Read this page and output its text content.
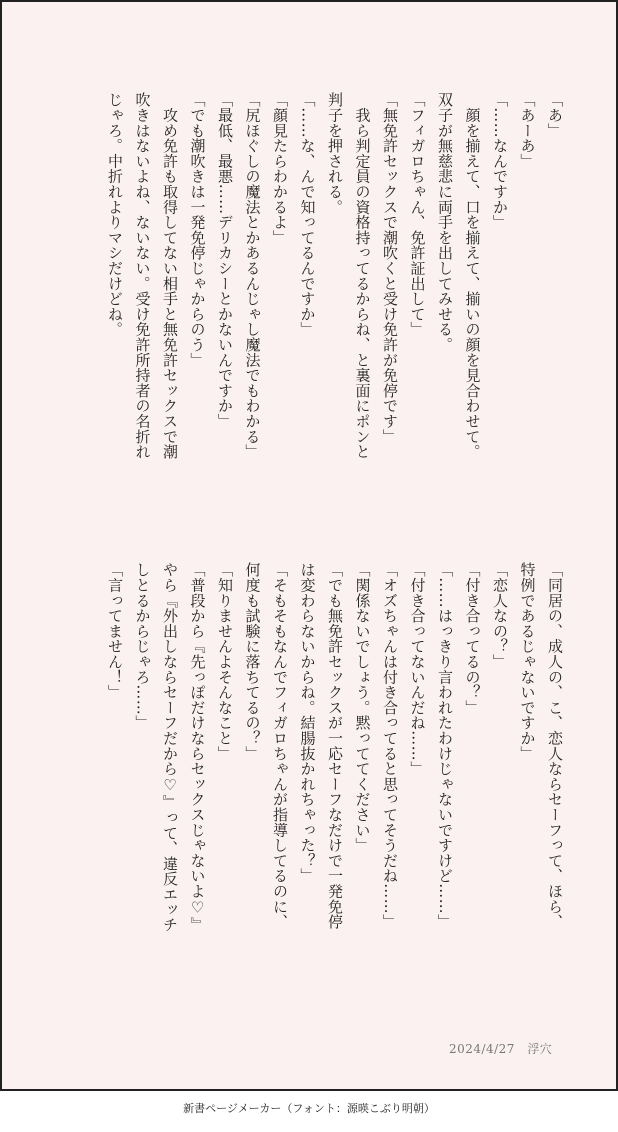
「あ」

「あーあ」

「……なんですか」

　顔を揃えて、口を揃えて、揃いの顔を見合わせて。

双子が無慈悲に両手を出してみせる。

「フィガロちゃん、免許証出して」

「無免許セックスで潮吹くと受け免許が免停です」

　我ら判定員の資格持ってるからね、と裏面にポンと

判子を押される。

「……な、んで知ってるんですか」

「顔見たらわかるよ」

「尻ほぐしの魔法とかあるんじゃし魔法でもわかる」

「最低、最悪……デリカシーとかないんですか」

「でも潮吹きは一発免停じゃからのう」

　攻め免許も取得してない相手と無免許セックスで潮

吹きはないよね、ないない。受け免許所持者の名折れ

じゃろ。中折れよりマシだけどね。

「同居の、成人の、こ、恋人ならセーフって、ほら、

特例であるじゃないですか」

「恋人なの？」

「付き合ってるの？」

「……はっきり言われたわけじゃないですけど……」

「付き合ってないんだね……」

「オズちゃんは付き合ってると思ってそうだね……」

「関係ないでしょう。黙っててください」

「でも無免許セックスが一応セーフなだけで一発免停

は変わらないからね。結腸抜かれちゃった？」

「そもそもなんでフィガロちゃんが指導してるのに、

何度も試験に落ちてるの？」

「知りませんよそんなこと」

「普段から『先っぽだけならセックスじゃないよ♡』

やら『外出しならセーフだから♡』って、違反エッチ

しとるからじゃろ……」

「言ってません！」

2024/4/27　浮穴
新書ページメーカー（フォント：源暎こぶり明朝）
